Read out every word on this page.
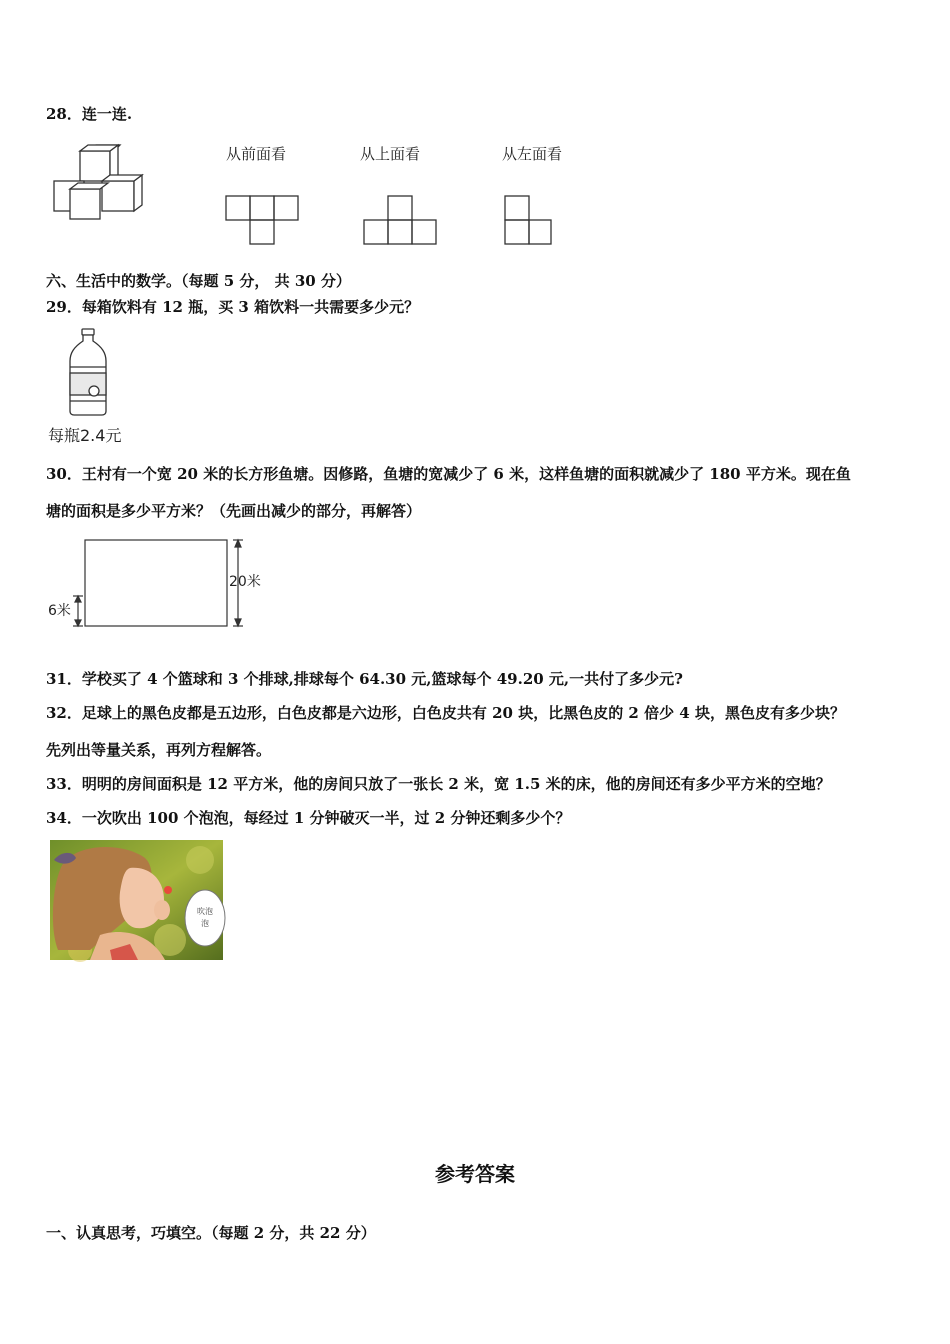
28．连一连.
从前面看	从上面看	从左面看
六、生活中的数学。（每题 5 分， 共 30 分）
29．每箱饮料有 12 瓶，买 3 箱饮料一共需要多少元？
每瓶2.4元
30．王村有一个宽 20 米的长方形鱼塘。因修路，鱼塘的宽减少了 6 米，这样鱼塘的面积就减少了 180 平方米。现在鱼
塘的面积是多少平方米？（先画出减少的部分，再解答）
20米
6米
31．学校买了 4 个篮球和 3 个排球,排球每个 64.30 元,篮球每个 49.20 元,一共付了多少元?
32．足球上的黑色皮都是五边形，白色皮都是六边形，白色皮共有 20 块，比黑色皮的 2 倍少 4 块，黑色皮有多少块？
先列出等量关系，再列方程解答。
33．明明的房间面积是 12 平方米，他的房间只放了一张长 2 米，宽 1.5 米的床，他的房间还有多少平方米的空地？
34．一次吹出 100 个泡泡，每经过 1 分钟破灭一半，过 2 分钟还剩多少个？
吹泡
泡
参考答案
一、认真思考，巧填空。（每题 2 分，共 22 分）
